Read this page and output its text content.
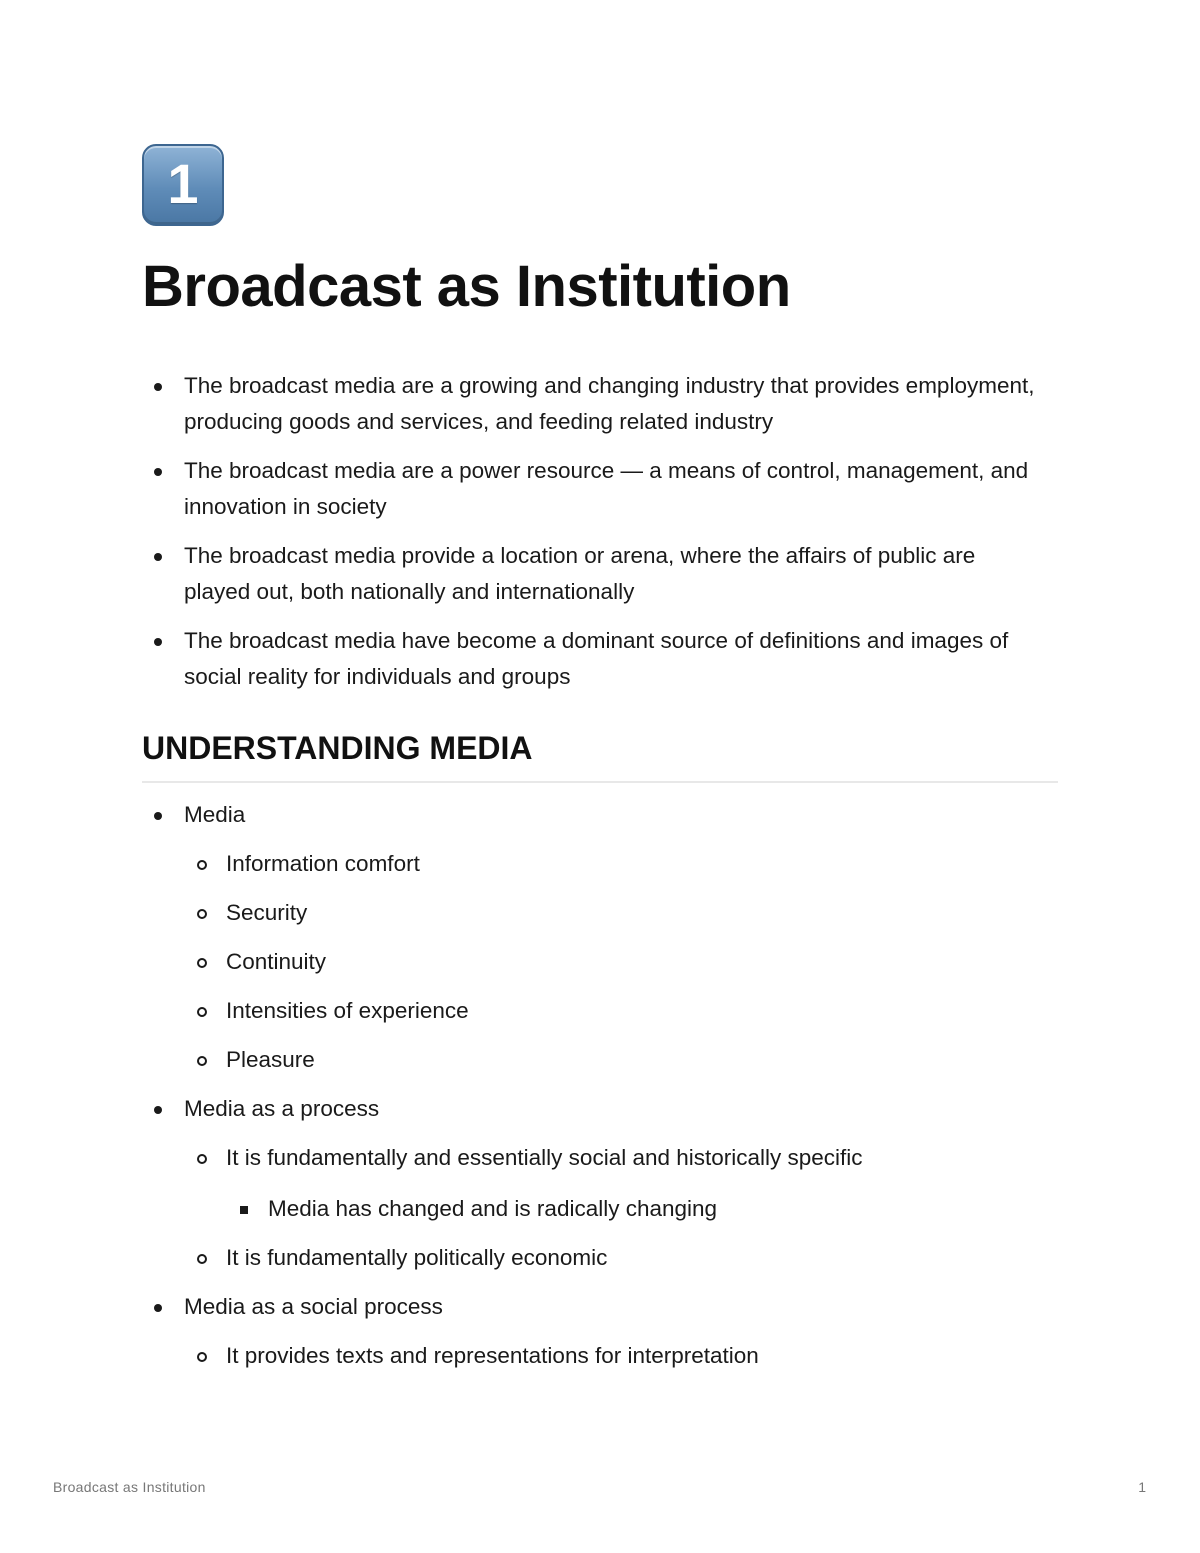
1
Broadcast as Institution
The broadcast media are a growing and changing industry that provides employment, producing goods and services, and feeding related industry
The broadcast media are a power resource — a means of control, management, and innovation in society
The broadcast media provide a location or arena, where the affairs of public are played out, both nationally and internationally
The broadcast media have become a dominant source of definitions and images of social reality for individuals and groups
UNDERSTANDING MEDIA
Media
Information comfort
Security
Continuity
Intensities of experience
Pleasure
Media as a process
It is fundamentally and essentially social and historically specific
Media has changed and is radically changing
It is fundamentally politically economic
Media as a social process
It provides texts and representations for interpretation
Broadcast as Institution	1
